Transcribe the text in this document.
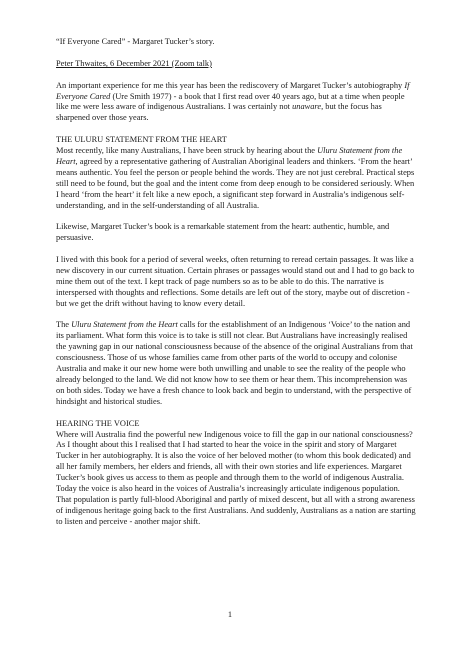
“If Everyone Cared” - Margaret Tucker’s story.

Peter Thwaites, 6 December 2021 (Zoom talk)

An important experience for me this year has been the rediscovery of Margaret Tucker’s autobiography If Everyone Cared (Ure Smith 1977) - a book that I first read over 40 years ago, but at a time when people like me were less aware of indigenous Australians. I was certainly not unaware, but the focus has sharpened over those years.

THE ULURU STATEMENT FROM THE HEART

Most recently, like many Australians, I have been struck by hearing about the Uluru Statement from the Heart, agreed by a representative gathering of Australian Aboriginal leaders and thinkers. ‘From the heart’ means authentic. You feel the person or people behind the words. They are not just cerebral. Practical steps still need to be found, but the goal and the intent come from deep enough to be considered seriously. When I heard ‘from the heart’ it felt like a new epoch, a significant step forward in Australia’s indigenous self-understanding, and in the self-understanding of all Australia.

Likewise, Margaret Tucker’s book is a remarkable statement from the heart: authentic, humble, and persuasive.

I lived with this book for a period of several weeks, often returning to reread certain passages. It was like a new discovery in our current situation. Certain phrases or passages would stand out and I had to go back to mine them out of the text. I kept track of page numbers so as to be able to do this. The narrative is interspersed with thoughts and reflections. Some details are left out of the story, maybe out of discretion - but we get the drift without having to know every detail.

The Uluru Statement from the Heart calls for the establishment of an Indigenous ‘Voice’ to the nation and its parliament. What form this voice is to take is still not clear. But Australians have increasingly realised the yawning gap in our national consciousness because of the absence of the original Australians from that consciousness. Those of us whose families came from other parts of the world to occupy and colonise Australia and make it our new home were both unwilling and unable to see the reality of the people who already belonged to the land. We did not know how to see them or hear them. This incomprehension was on both sides. Today we have a fresh chance to look back and begin to understand, with the perspective of hindsight and historical studies.

HEARING THE VOICE

Where will Australia find the powerful new Indigenous voice to fill the gap in our national consciousness? As I thought about this I realised that I had started to hear the voice in the spirit and story of Margaret Tucker in her autobiography. It is also the voice of her beloved mother (to whom this book dedicated) and all her family members, her elders and friends, all with their own stories and life experiences. Margaret Tucker’s book gives us access to them as people and through them to the world of indigenous Australia. Today the voice is also heard in the voices of Australia’s increasingly articulate indigenous population. That population is partly full-blood Aboriginal and partly of mixed descent, but all with a strong awareness of indigenous heritage going back to the first Australians. And suddenly, Australians as a nation are starting to listen and perceive - another major shift.

1
